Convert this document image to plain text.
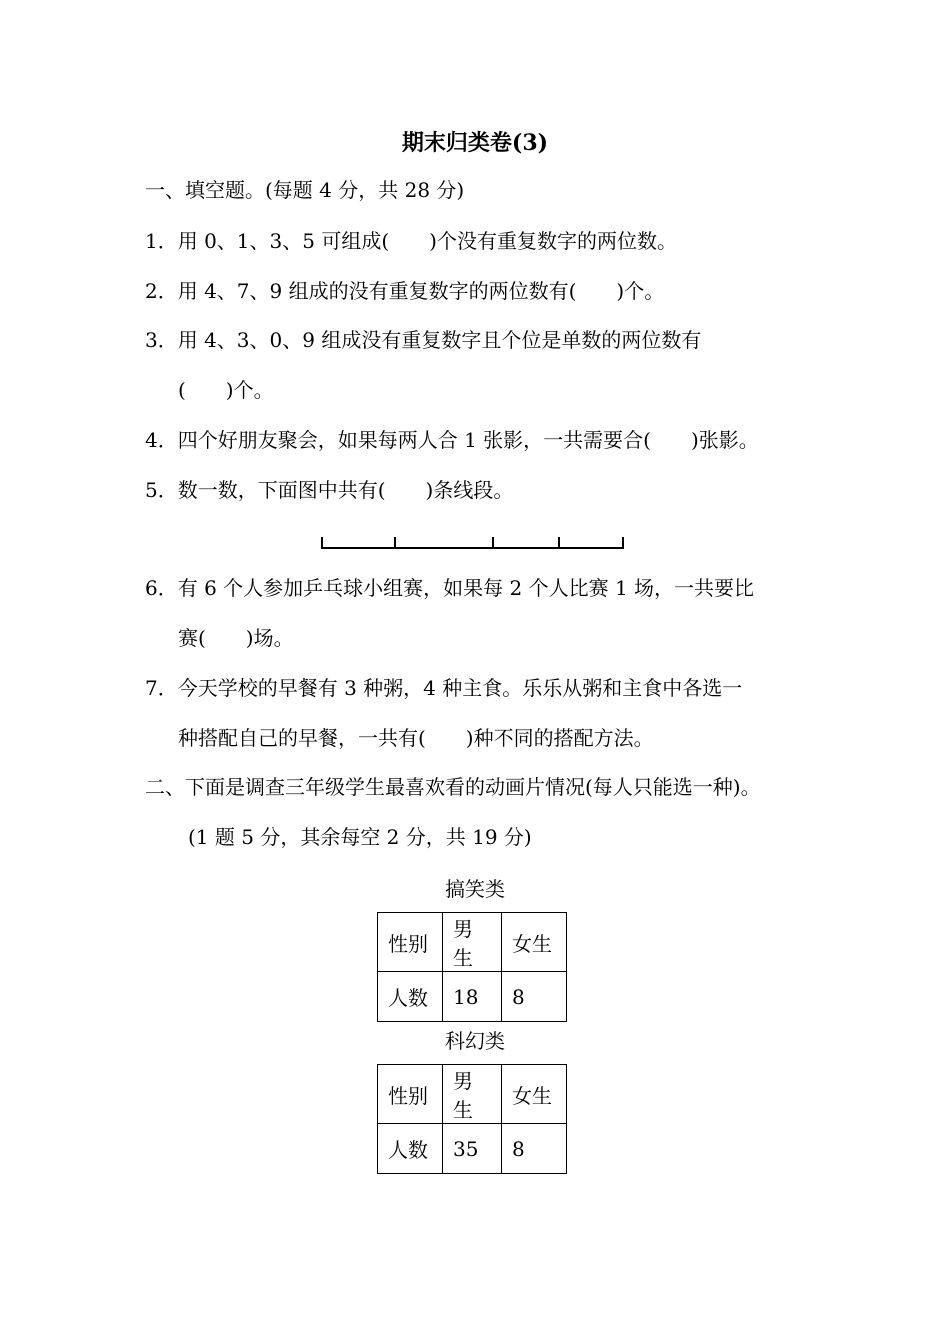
期末归类卷(3)
一、填空题。(每题 4 分，共 28 分)
1．用 0、1、3、5 可组成(　　)个没有重复数字的两位数。
2．用 4、7、9 组成的没有重复数字的两位数有(　　)个。
3．用 4、3、0、9 组成没有重复数字且个位是单数的两位数有
(　　)个。
4．四个好朋友聚会，如果每两人合 1 张影，一共需要合(　　)张影。
5．数一数，下面图中共有(　　)条线段。
6．有 6 个人参加乒乓球小组赛，如果每 2 个人比赛 1 场，一共要比
赛(　　)场。
7．今天学校的早餐有 3 种粥，4 种主食。乐乐从粥和主食中各选一
种搭配自己的早餐，一共有(　　)种不同的搭配方法。
二、下面是调查三年级学生最喜欢看的动画片情况(每人只能选一种)。
(1 题 5 分，其余每空 2 分，共 19 分)
搞笑类
性别	男生	女生
人数	18	8
科幻类
性别	男生	女生
人数	35	8
